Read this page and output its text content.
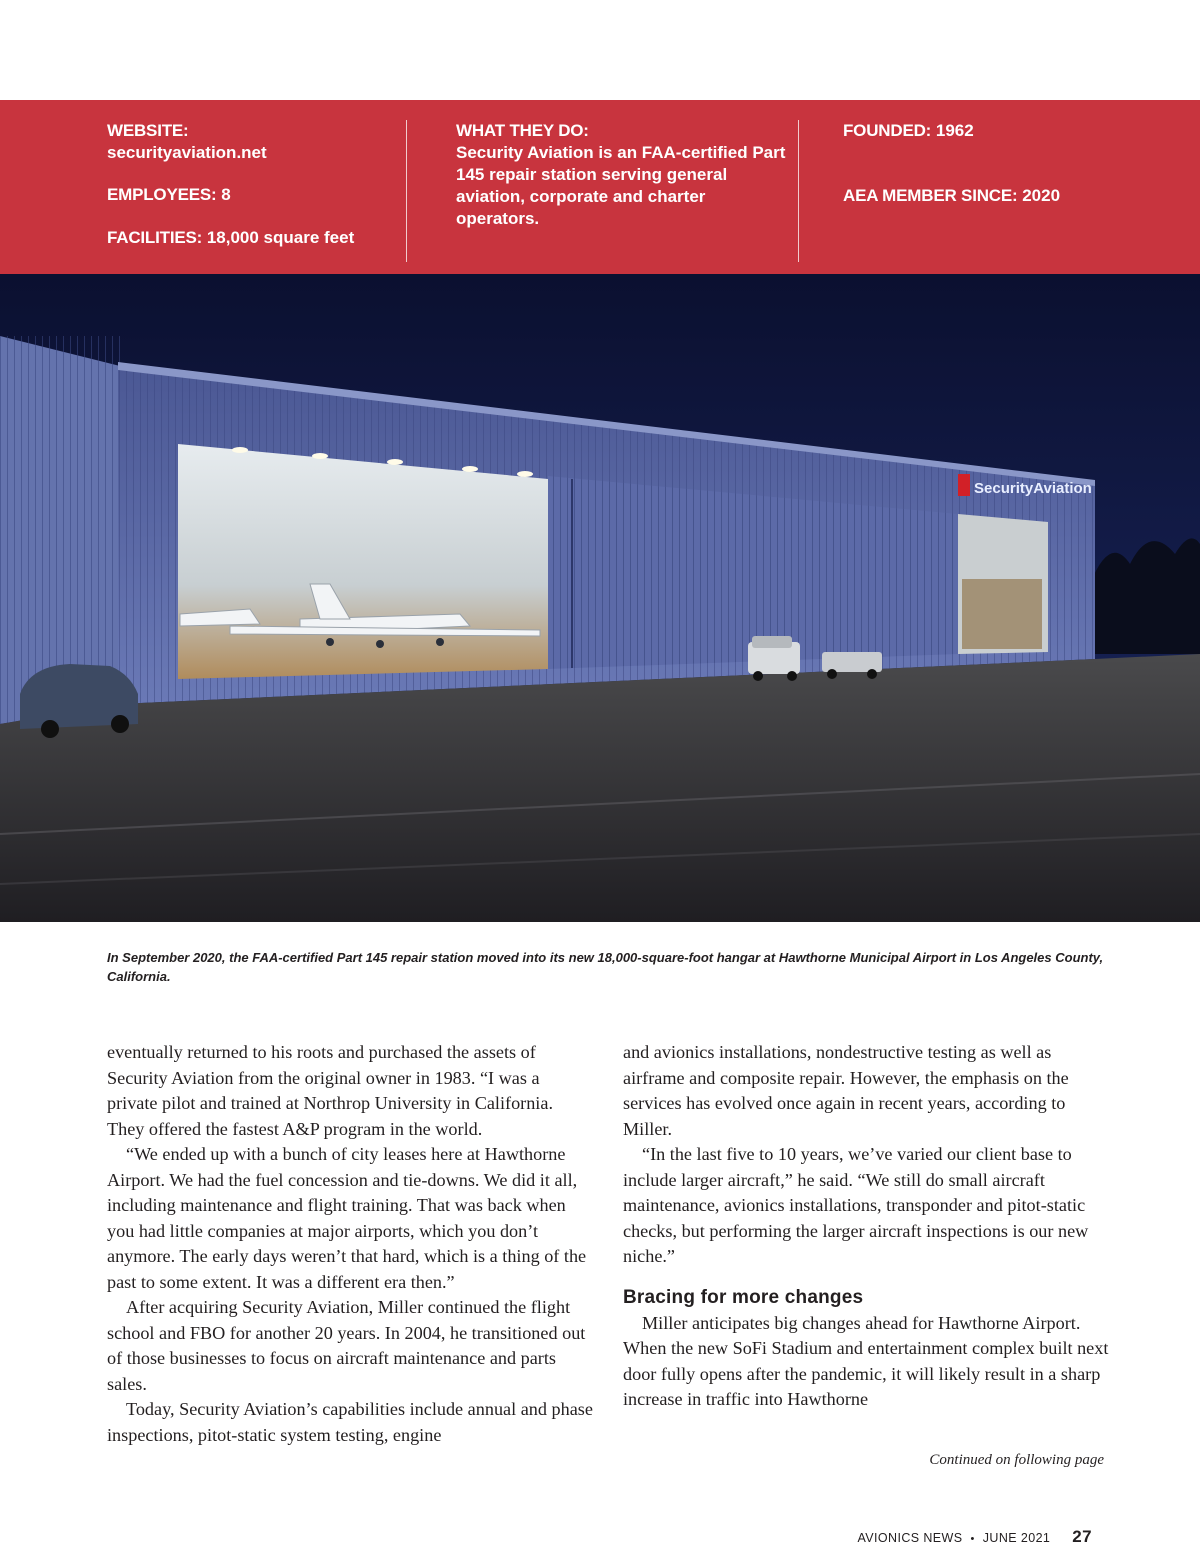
WEBSITE:
securityaviation.net
EMPLOYEES: 8
FACILITIES: 18,000 square feet
WHAT THEY DO:
Security Aviation is an FAA-certified Part 145 repair station serving general aviation, corporate and charter operators.
FOUNDED: 1962
AEA MEMBER SINCE: 2020
SecurityAviation

In September 2020, the FAA-certified Part 145 repair station moved into its new 18,000-square-foot hangar at Hawthorne Municipal Airport in Los Angeles County, California.

eventually returned to his roots and purchased the assets of Security Aviation from the original owner in 1983. “I was a private pilot and trained at Northrop University in California. They offered the fastest A&P program in the world.

“We ended up with a bunch of city leases here at Hawthorne Airport. We had the fuel concession and tie-downs. We did it all, including maintenance and flight training. That was back when you had little companies at major airports, which you don’t anymore. The early days weren’t that hard, which is a thing of the past to some extent. It was a different era then.”

After acquiring Security Aviation, Miller continued the flight school and FBO for another 20 years. In 2004, he transitioned out of those businesses to focus on aircraft maintenance and parts sales.

Today, Security Aviation’s capabilities include annual and phase inspections, pitot-static system testing, engine

and avionics installations, nondestructive testing as well as airframe and composite repair. However, the emphasis on the services has evolved once again in recent years, according to Miller.

“In the last five to 10 years, we’ve varied our client base to include larger aircraft,” he said. “We still do small aircraft maintenance, avionics installations, transponder and pitot-static checks, but performing the larger aircraft inspections is our new niche.”

Bracing for more changes

Miller anticipates big changes ahead for Hawthorne Airport. When the new SoFi Stadium and entertainment complex built next door fully opens after the pandemic, it will likely result in a sharp increase in traffic into Hawthorne

Continued on following page

AVIONICS NEWS • JUNE 2021 27
